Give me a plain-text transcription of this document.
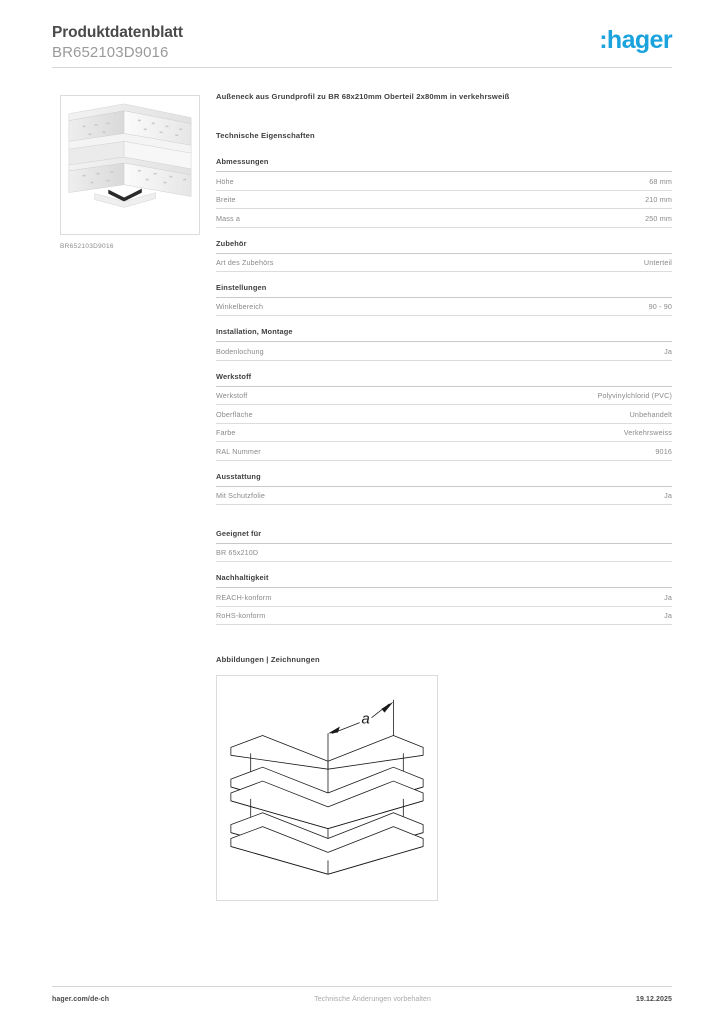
Produktdatenblatt
BR652103D9016	:hager
BR652103D9016
Außeneck aus Grundprofil zu BR 68x210mm Oberteil 2x80mm in verkehrsweiß
Technische Eigenschaften
Abmessungen
Höhe	68 mm
Breite	210 mm
Mass a	250 mm
Zubehör
Art des Zubehörs	Unterteil
Einstellungen
Winkelbereich	90 - 90
Installation, Montage
Bodenlochung	Ja
Werkstoff
Werkstoff	Polyvinylchlorid (PVC)
Oberfläche	Unbehandelt
Farbe	Verkehrsweiss
RAL Nummer	9016
Ausstattung
Mit Schutzfolie	Ja
Geeignet für
BR 65x210D
Nachhaltigkeit
REACH-konform	Ja
RoHS-konform	Ja
Abbildungen | Zeichnungen
a
hager.com/de-ch	Technische Änderungen vorbehalten	19.12.2025
